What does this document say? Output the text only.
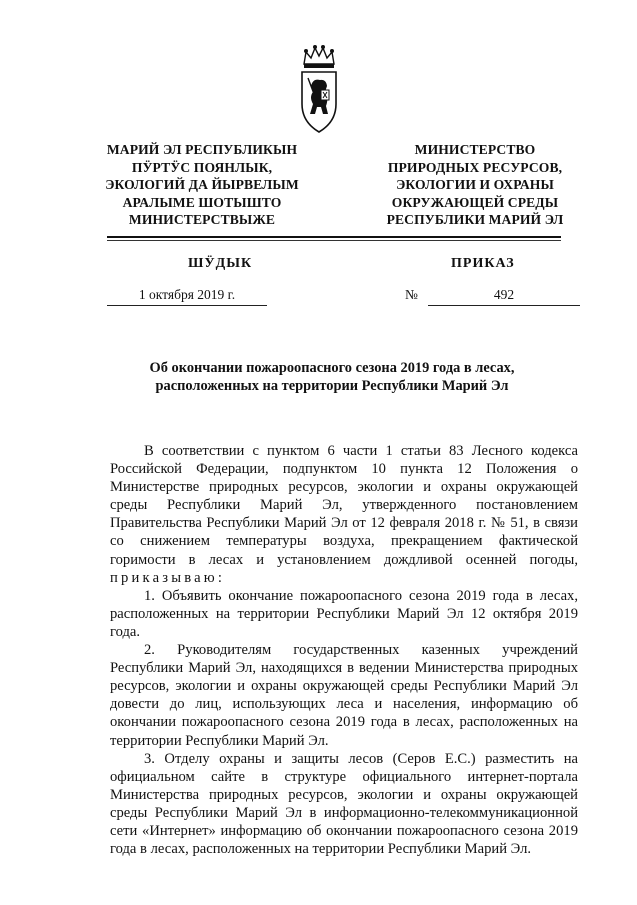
МАРИЙ ЭЛ РЕСПУБЛИКЫН
ПӰРТӰС ПОЯНЛЫК,
ЭКОЛОГИЙ ДА ЙЫРВЕЛЫМ
АРАЛЫМЕ ШОТЫШТО
МИНИСТЕРСТВЫЖЕ
МИНИСТЕРСТВО
ПРИРОДНЫХ РЕСУРСОВ,
ЭКОЛОГИИ И ОХРАНЫ
ОКРУЖАЮЩЕЙ СРЕДЫ
РЕСПУБЛИКИ МАРИЙ ЭЛ
ШӰДЫК	ПРИКАЗ
1 октября 2019 г.	№	492
Об окончании пожароопасного сезона 2019 года в лесах,
расположенных на территории Республики Марий Эл

В соответствии с пунктом 6 части 1 статьи 83 Лесного кодекса Российской Федерации, подпунктом 10 пункта 12 Положения о Министерстве природных ресурсов, экологии и охраны окружающей среды Республики Марий Эл, утвержденного постановлением Правительства Республики Марий Эл от 12 февраля 2018 г. № 51, в связи со снижением температуры воздуха, прекращением фактической горимости в лесах и установлением дождливой осенней погоды, приказываю:

1. Объявить окончание пожароопасного сезона 2019 года в лесах, расположенных на территории Республики Марий Эл 12 октября 2019 года.

2. Руководителям государственных казенных учреждений Республики Марий Эл, находящихся в ведении Министерства природных ресурсов, экологии и охраны окружающей среды Республики Марий Эл довести до лиц, использующих леса и населения, информацию об окончании пожароопасного сезона 2019 года в лесах, расположенных на территории Республики Марий Эл.

3. Отделу охраны и защиты лесов (Серов Е.С.) разместить на официальном сайте в структуре официального интернет-портала Министерства природных ресурсов, экологии и охраны окружающей среды Республики Марий Эл в информационно-телекоммуникационной сети «Интернет» информацию об окончании пожароопасного сезона 2019 года в лесах, расположенных на территории Республики Марий Эл.
